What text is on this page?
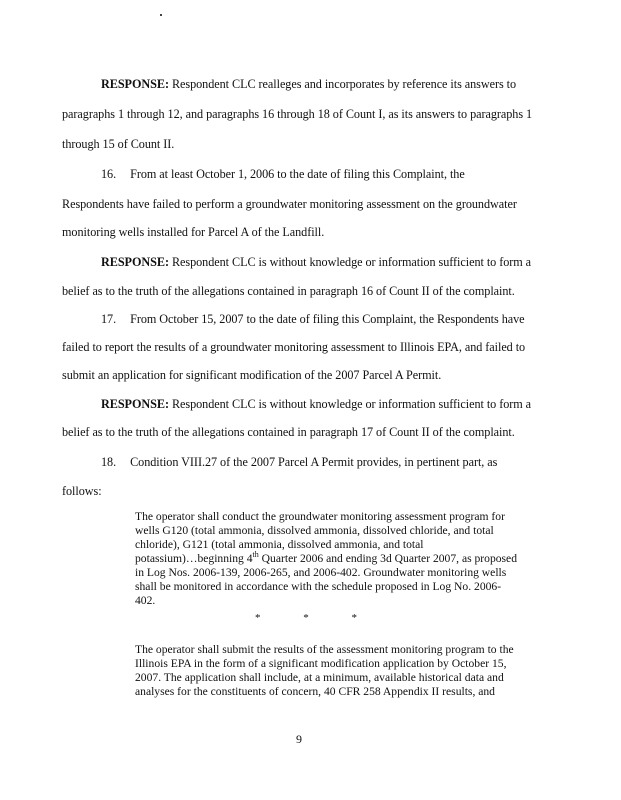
RESPONSE: Respondent CLC realleges and incorporates by reference its answers to
paragraphs 1 through 12, and paragraphs 16 through 18 of Count I, as its answers to paragraphs 1
through 15 of Count II.
16. From at least October 1, 2006 to the date of filing this Complaint, the
Respondents have failed to perform a groundwater monitoring assessment on the groundwater
monitoring wells installed for Parcel A of the Landfill.
RESPONSE: Respondent CLC is without knowledge or information sufficient to form a
belief as to the truth of the allegations contained in paragraph 16 of Count II of the complaint.
17. From October 15, 2007 to the date of filing this Complaint, the Respondents have
failed to report the results of a groundwater monitoring assessment to Illinois EPA, and failed to
submit an application for significant modification of the 2007 Parcel A Permit.
RESPONSE: Respondent CLC is without knowledge or information sufficient to form a
belief as to the truth of the allegations contained in paragraph 17 of Count II of the complaint.
18. Condition VIII.27 of the 2007 Parcel A Permit provides, in pertinent part, as
follows:
The operator shall conduct the groundwater monitoring assessment program for
wells G120 (total ammonia, dissolved ammonia, dissolved chloride, and total
chloride), G121 (total ammonia, dissolved ammonia, and total
potassium)…beginning 4th Quarter 2006 and ending 3d Quarter 2007, as proposed
in Log Nos. 2006-139, 2006-265, and 2006-402. Groundwater monitoring wells
shall be monitored in accordance with the schedule proposed in Log No. 2006-
402.
* * *
The operator shall submit the results of the assessment monitoring program to the
Illinois EPA in the form of a significant modification application by October 15,
2007. The application shall include, at a minimum, available historical data and
analyses for the constituents of concern, 40 CFR 258 Appendix II results, and
9
